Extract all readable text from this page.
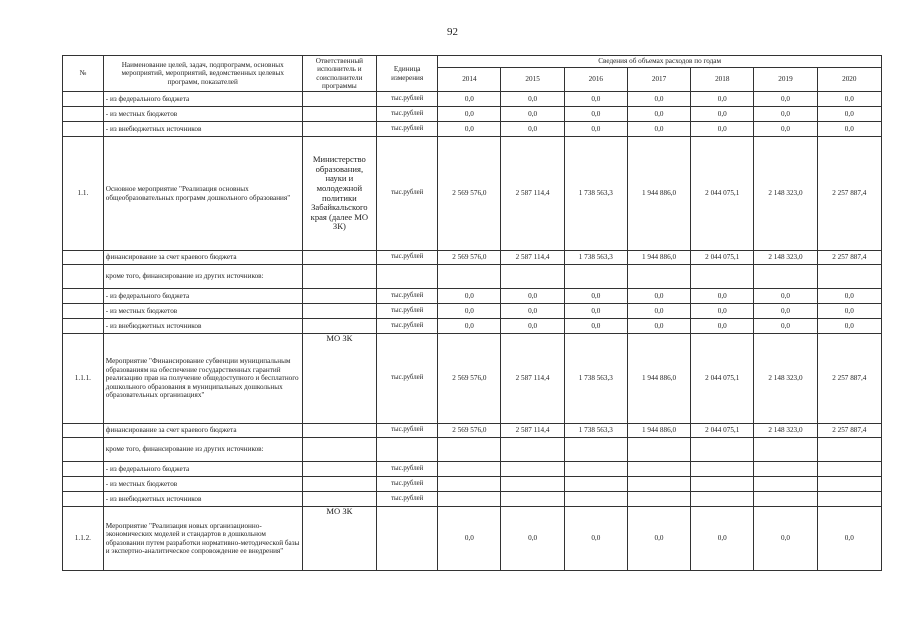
92
№	Наименование целей, задач, подпрограмм, основных мероприятий, мероприятий, ведомственных целевых программ, показателей	Ответственный исполнитель и соисполнители программы	Единица измерения	Сведения об объемах расходов по годам						
				2014	2015	2016	2017	2018	2019	2020
	- из федерального бюджета		тыс.рублей	0,0	0,0	0,0	0,0	0,0	0,0	0,0
	- из местных бюджетов		тыс.рублей	0,0	0,0	0,0	0,0	0,0	0,0	0,0
	- из внебюджетных источников		тыс.рублей	0,0	0,0	0,0	0,0	0,0	0,0	0,0
1.1.	Основное мероприятие "Реализация основных общеобразовательных программ дошкольного образования"	Министерство образования, науки и молодежной политики Забайкальского края (далее МО ЗК)	тыс.рублей	2 569 576,0	2 587 114,4	1 738 563,3	1 944 886,0	2 044 075,1	2 148 323,0	2 257 887,4
	финансирование за счет краевого бюджета		тыс.рублей	2 569 576,0	2 587 114,4	1 738 563,3	1 944 886,0	2 044 075,1	2 148 323,0	2 257 887,4
	кроме того, финансирование из других источников:									
	- из федерального бюджета		тыс.рублей	0,0	0,0	0,0	0,0	0,0	0,0	0,0
	- из местных бюджетов		тыс.рублей	0,0	0,0	0,0	0,0	0,0	0,0	0,0
	- из внебюджетных источников		тыс.рублей	0,0	0,0	0,0	0,0	0,0	0,0	0,0
1.1.1.	Мероприятие "Финансирование субвенции муниципальным образованиям на обеспечение государственных гарантий реализацию прав на получение общедоступного и бесплатного дошкольного образования в муниципальных дошкольных образовательных организациях"	МО ЗК	тыс.рублей	2 569 576,0	2 587 114,4	1 738 563,3	1 944 886,0	2 044 075,1	2 148 323,0	2 257 887,4
	финансирование за счет краевого бюджета		тыс.рублей	2 569 576,0	2 587 114,4	1 738 563,3	1 944 886,0	2 044 075,1	2 148 323,0	2 257 887,4
	кроме того, финансирование из других источников:									
	- из федерального бюджета		тыс.рублей							
	- из местных бюджетов		тыс.рублей							
	- из внебюджетных источников		тыс.рублей							
1.1.2.	Мероприятие "Реализация новых организационно-экономических моделей и стандартов в дошкольном образовании путем разработки нормативно-методической базы и экспертно-аналитическое сопровождение ее внедрения"	МО ЗК		0,0	0,0	0,0	0,0	0,0	0,0	0,0
